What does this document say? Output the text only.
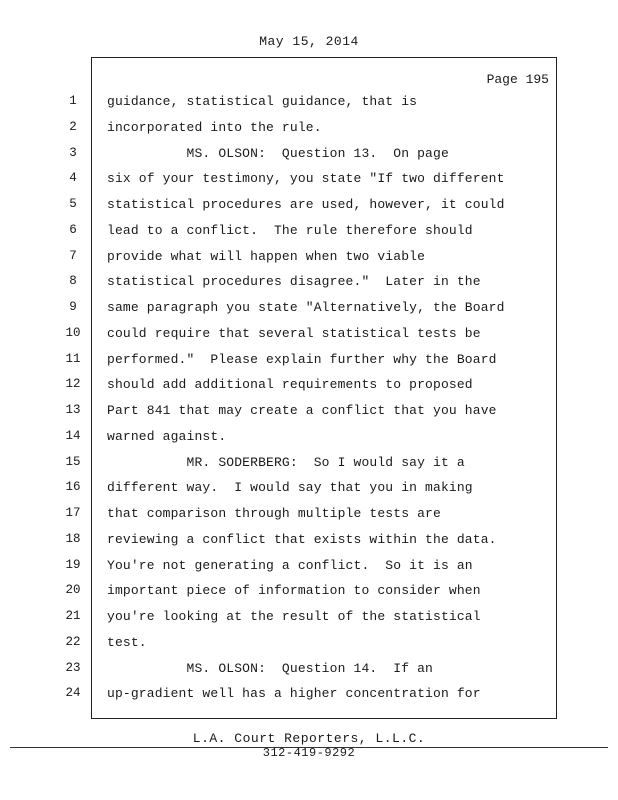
May 15, 2014
Page 195
1	guidance, statistical guidance, that is
2	incorporated into the rule.
3	MS. OLSON:  Question 13.  On page
4	six of your testimony, you state "If two different
5	statistical procedures are used, however, it could
6	lead to a conflict.  The rule therefore should
7	provide what will happen when two viable
8	statistical procedures disagree."  Later in the
9	same paragraph you state "Alternatively, the Board
10	could require that several statistical tests be
11	performed."  Please explain further why the Board
12	should add additional requirements to proposed
13	Part 841 that may create a conflict that you have
14	warned against.
15	MR. SODERBERG:  So I would say it a
16	different way.  I would say that you in making
17	that comparison through multiple tests are
18	reviewing a conflict that exists within the data.
19	You're not generating a conflict.  So it is an
20	important piece of information to consider when
21	you're looking at the result of the statistical
22	test.
23	MS. OLSON:  Question 14.  If an
24	up-gradient well has a higher concentration for
L.A. Court Reporters, L.L.C.
312-419-9292
